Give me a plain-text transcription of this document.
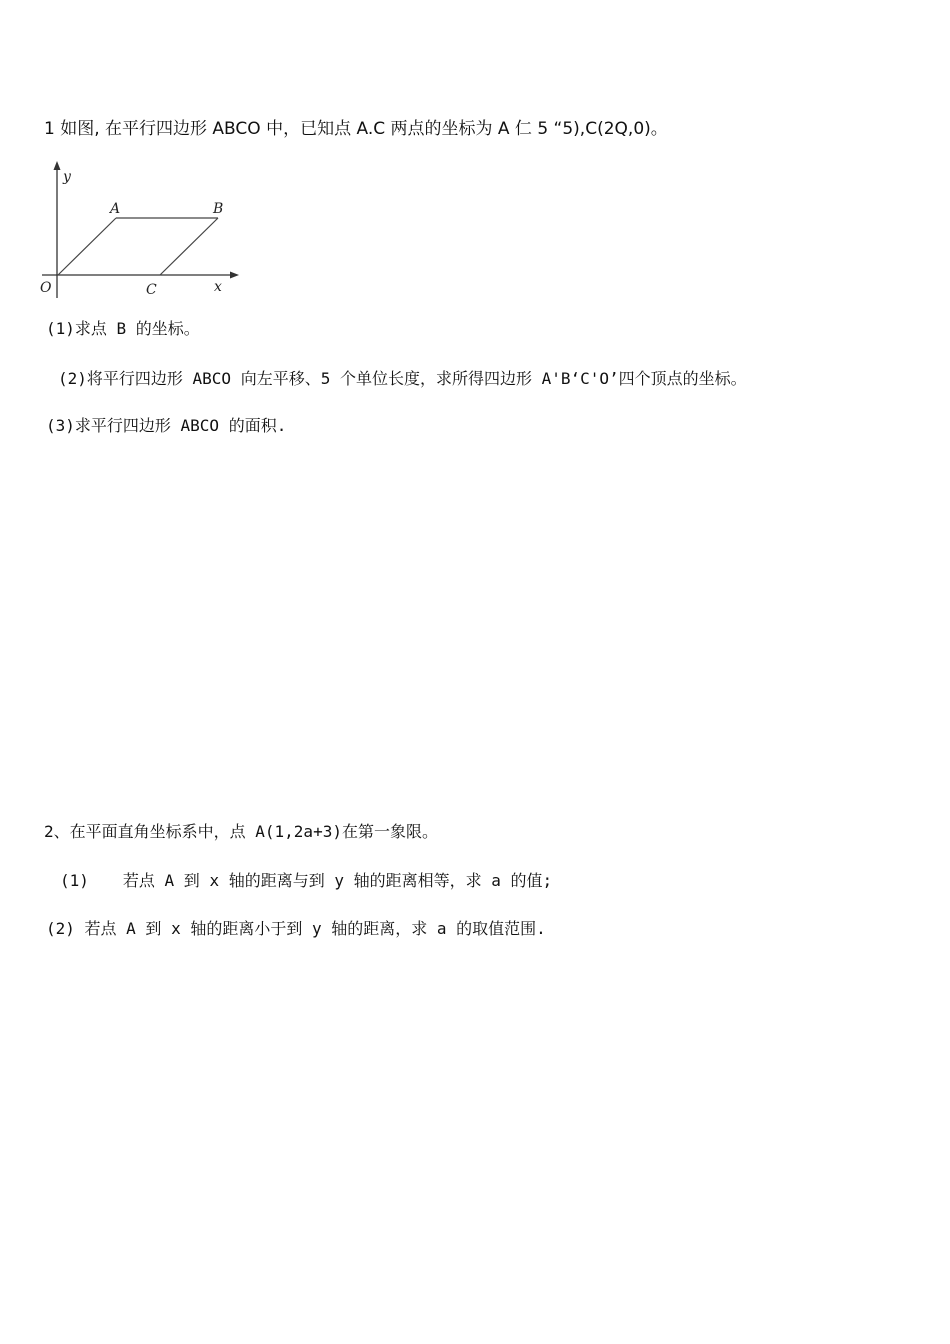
1 如图, 在平行四边形 ABCO 中，已知点 A.C 两点的坐标为 A 仁 5 “5),C(2Q,0)。
y
x
O
A	B
C
(1)求点 B 的坐标。
(2)将平行四边形 ABCO 向左平移、5 个单位长度，求所得四边形 A'B‘C'O’四个顶点的坐标。
(3)求平行四边形 ABCO 的面积.
2、在平面直角坐标系中，点 A(1,2a+3)在第一象限。
(1) 若点 A 到 x 轴的距离与到 y 轴的距离相等，求 a 的值;
(2) 若点 A 到 x 轴的距离小于到 y 轴的距离，求 a 的取值范围.
